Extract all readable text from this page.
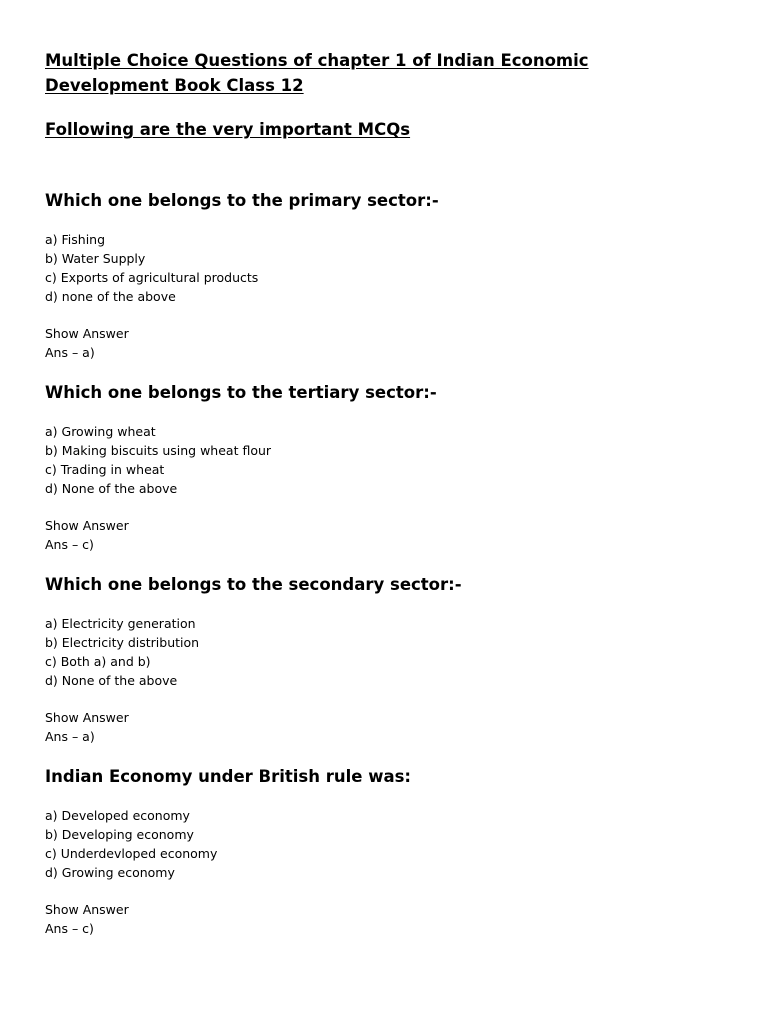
Multiple Choice Questions of chapter 1 of Indian Economic

Development Book Class 12

Following are the very important MCQs

Which one belongs to the primary sector:-

a) Fishing

b) Water Supply

c) Exports of agricultural products

d) none of the above

Show Answer

Ans – a)

Which one belongs to the tertiary sector:-

a) Growing wheat

b) Making biscuits using wheat flour

c) Trading in wheat

d) None of the above

Show Answer

Ans – c)

Which one belongs to the secondary sector:-

a) Electricity generation

b) Electricity distribution

c) Both a) and b)

d) None of the above

Show Answer

Ans – a)

Indian Economy under British rule was:

a) Developed economy

b) Developing economy

c) Underdevloped economy

d) Growing economy

Show Answer

Ans – c)
